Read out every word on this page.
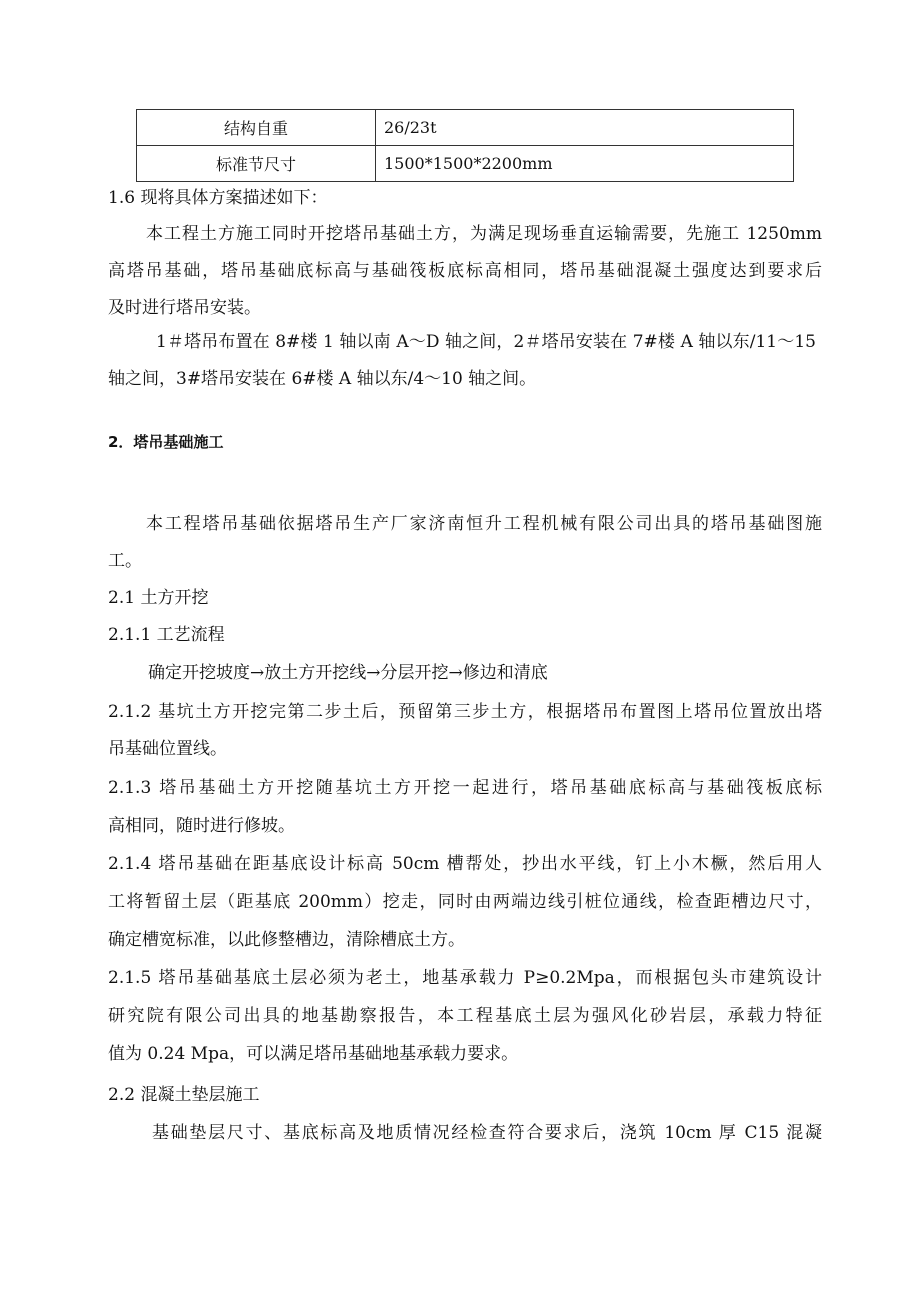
结构自重	26/23t
标准节尺寸	1500*1500*2200mm
1.6 现将具体方案描述如下：
本工程土方施工同时开挖塔吊基础土方，为满足现场垂直运输需要，先施工 1250mm
高塔吊基础，塔吊基础底标高与基础筏板底标高相同，塔吊基础混凝土强度达到要求后
及时进行塔吊安装。
1＃塔吊布置在 8#楼 1 轴以南 A～D 轴之间，2＃塔吊安装在 7#楼 A 轴以东/11～15
轴之间，3#塔吊安装在 6#楼 A 轴以东/4～10 轴之间。
2．塔吊基础施工
本工程塔吊基础依据塔吊生产厂家济南恒升工程机械有限公司出具的塔吊基础图施
工。
2.1 土方开挖
2.1.1 工艺流程
确定开挖坡度→放土方开挖线→分层开挖→修边和清底
2.1.2 基坑土方开挖完第二步土后，预留第三步土方，根据塔吊布置图上塔吊位置放出塔
吊基础位置线。
2.1.3 塔吊基础土方开挖随基坑土方开挖一起进行，塔吊基础底标高与基础筏板底标
高相同，随时进行修坡。
2.1.4 塔吊基础在距基底设计标高 50cm 槽帮处，抄出水平线，钉上小木橛，然后用人
工将暂留土层（距基底 200mm）挖走，同时由两端边线引桩位通线，检查距槽边尺寸，
确定槽宽标准，以此修整槽边，清除槽底土方。
2.1.5 塔吊基础基底土层必须为老土，地基承载力 P≥0.2Mpa，而根据包头市建筑设计
研究院有限公司出具的地基勘察报告，本工程基底土层为强风化砂岩层，承载力特征
值为 0.24 Mpa，可以满足塔吊基础地基承载力要求。
2.2 混凝土垫层施工
基础垫层尺寸、基底标高及地质情况经检查符合要求后，浇筑 10cm 厚 C15 混凝
